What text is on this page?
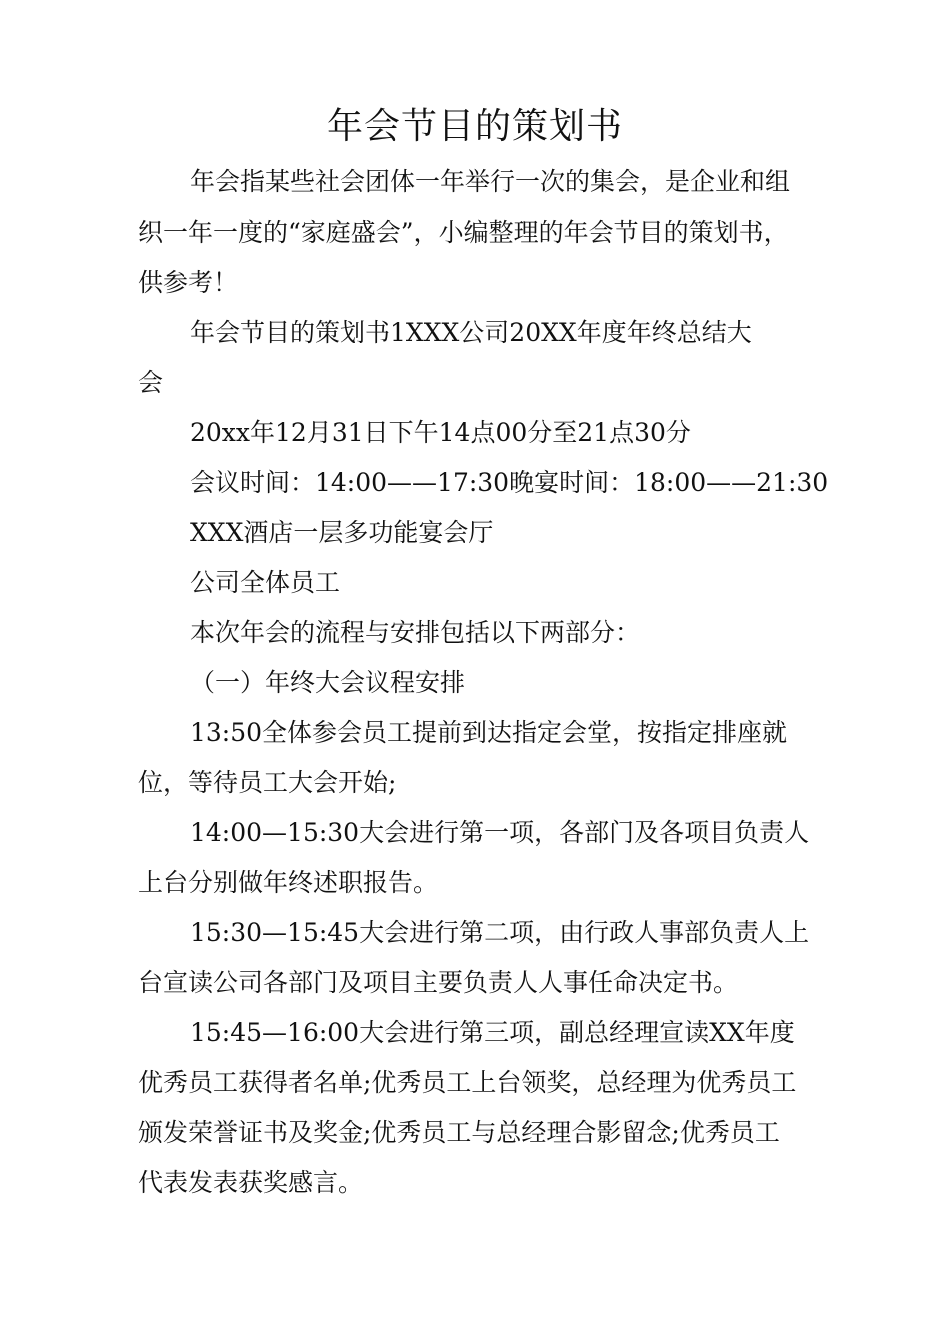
年会节目的策划书

年会指某些社会团体一年举行一次的集会，是企业和组

织一年一度的“家庭盛会”，小编整理的年会节目的策划书，

供参考！

年会节目的策划书1XXX公司20XX年度年终总结大

会

20xx年12月31日下午14点00分至21点30分

会议时间：14:00——17:30晚宴时间：18:00——21:30

XXX酒店一层多功能宴会厅

公司全体员工

本次年会的流程与安排包括以下两部分：

（一）年终大会议程安排

13:50全体参会员工提前到达指定会堂，按指定排座就

位，等待员工大会开始;

14:00—15:30大会进行第一项，各部门及各项目负责人

上台分别做年终述职报告。

15:30—15:45大会进行第二项，由行政人事部负责人上

台宣读公司各部门及项目主要负责人人事任命决定书。

15:45—16:00大会进行第三项，副总经理宣读XX年度

优秀员工获得者名单;优秀员工上台领奖，总经理为优秀员工

颁发荣誉证书及奖金;优秀员工与总经理合影留念;优秀员工

代表发表获奖感言。
